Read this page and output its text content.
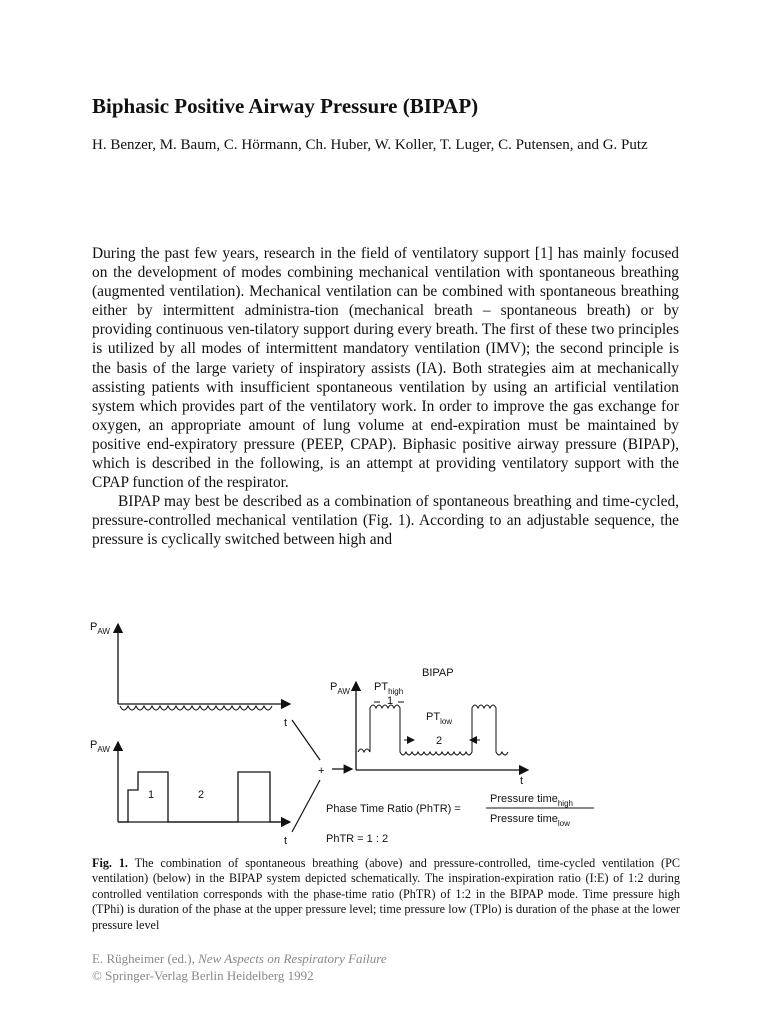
Biphasic Positive Airway Pressure (BIPAP)

H. Benzer, M. Baum, C. Hörmann, Ch. Huber, W. Koller, T. Luger, C. Putensen, and G. Putz

During the past few years, research in the field of ventilatory support [1] has mainly focused on the development of modes combining mechanical ventilation with spontaneous breathing (augmented ventilation). Mechanical ventilation can be combined with spontaneous breathing either by intermittent administra-tion (mechanical breath – spontaneous breath) or by providing continuous ven-tilatory support during every breath. The first of these two principles is utilized by all modes of intermittent mandatory ventilation (IMV); the second principle is the basis of the large variety of inspiratory assists (IA). Both strategies aim at mechanically assisting patients with insufficient spontaneous ventilation by using an artificial ventilation system which provides part of the ventilatory work. In order to improve the gas exchange for oxygen, an appropriate amount of lung volume at end-expiration must be maintained by positive end-expiratory pressure (PEEP, CPAP). Biphasic positive airway pressure (BIPAP), which is described in the following, is an attempt at providing ventilatory support with the CPAP function of the respirator.

BIPAP may best be described as a combination of spontaneous breathing and time-cycled, pressure-controlled mechanical ventilation (Fig. 1). According to an adjustable sequence, the pressure is cyclically switched between high and

$P_{AW}$
t
$P_{AW}$
1	2
t
+
BIPAP
$P_{AW}$ $PT_{high}$
1
$PT_{low}$
2
t
Phase Time Ratio (PhTR) =
Pressure time$_{high}$
Pressure time$_{low}$
PhTR = 1 : 2

Fig. 1. The combination of spontaneous breathing (above) and pressure-controlled, time-cycled ventilation (PC ventilation) (below) in the BIPAP system depicted schematically. The inspiration-expiration ratio (I:E) of 1:2 during controlled ventilation corresponds with the phase-time ratio (PhTR) of 1:2 in the BIPAP mode. Time pressure high (TPhi) is duration of the phase at the upper pressure level; time pressure low (TPlo) is duration of the phase at the lower pressure level

E. Rügheimer (ed.), New Aspects on Respiratory Failure
© Springer-Verlag Berlin Heidelberg 1992
